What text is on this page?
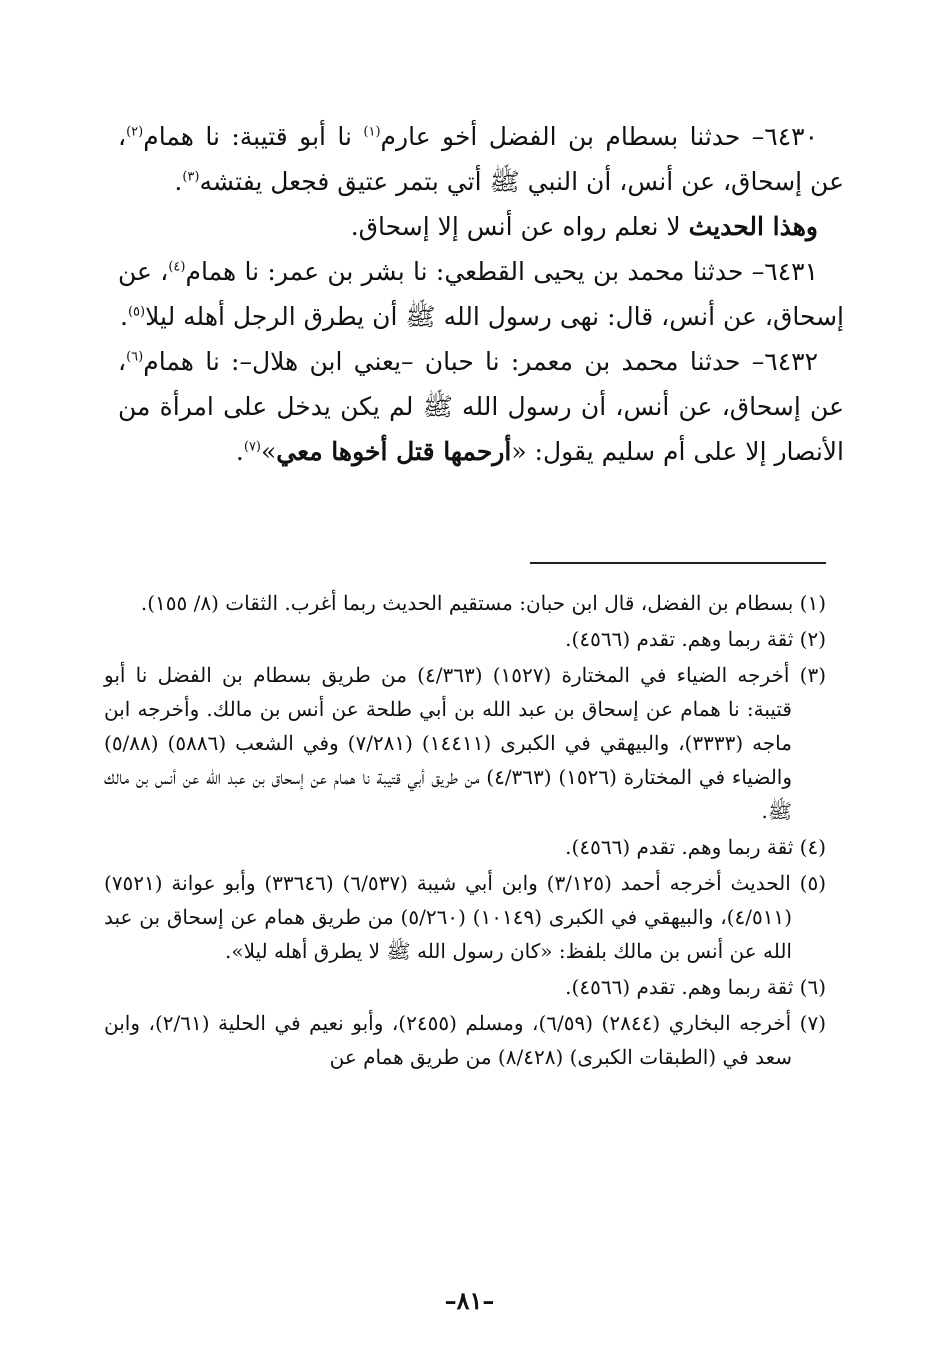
٦٤٣٠– حدثنا بسطام بن الفضل أخو عارم$^{(١)}$ نا أبو قتيبة: نا همام$^{(٢)}$، عن إسحاق، عن أنس، أن النبي ﷺ أتي بتمر عتيق فجعل يفتشه$^{(٣)}$.

وهذا الحديث لا نعلم رواه عن أنس إلا إسحاق.

٦٤٣١– حدثنا محمد بن يحيى القطعي: نا بشر بن عمر: نا همام$^{(٤)}$، عن إسحاق، عن أنس، قال: نهى رسول الله ﷺ أن يطرق الرجل أهله ليلا$^{(٥)}$.

٦٤٣٢– حدثنا محمد بن معمر: نا حبان –يعني ابن هلال–: نا همام$^{(٦)}$، عن إسحاق، عن أنس، أن رسول الله ﷺ لم يكن يدخل على امرأة من الأنصار إلا على أم سليم يقول: «أرحمها قتل أخوها معي»$^{(٧)}$.

(١) بسطام بن الفضل، قال ابن حبان: مستقيم الحديث ربما أغرب. الثقات (٨/ ١٥٥).

(٢) ثقة ربما وهم. تقدم (٤٥٦٦).

(٣) أخرجه الضياء في المختارة (١٥٢٧) (٤/٣٦٣) من طريق بسطام بن الفضل نا أبو قتيبة: نا همام عن إسحاق بن عبد الله بن أبي طلحة عن أنس بن مالك. وأخرجه ابن ماجه (٣٣٣٣)، والبيهقي في الكبرى (١٤٤١١) (٧/٢٨١) وفي الشعب (٥٨٨٦) (٥/٨٨) والضياء في المختارة (١٥٢٦) (٤/٣٦٣) من طريق أبي قتيبة نا همام عن إسحاق بن عبد الله عن أنس بن مالك ﷺ.

(٤) ثقة ربما وهم. تقدم (٤٥٦٦).

(٥) الحديث أخرجه أحمد (٣/١٢٥) وابن أبي شيبة (٦/٥٣٧) (٣٣٦٤٦) وأبو عوانة (٧٥٢١) (٤/٥١١)، والبيهقي في الكبرى (١٠١٤٩) (٥/٢٦٠) من طريق همام عن إسحاق بن عبد الله عن أنس بن مالك بلفظ: «كان رسول الله ﷺ لا يطرق أهله ليلا».

(٦) ثقة ربما وهم. تقدم (٤٥٦٦).

(٧) أخرجه البخاري (٢٨٤٤) (٦/٥٩)، ومسلم (٢٤٥٥)، وأبو نعيم في الحلية (٢/٦١)، وابن سعد في (الطبقات الكبرى) (٨/٤٢٨) من طريق همام عن

–٨١–
